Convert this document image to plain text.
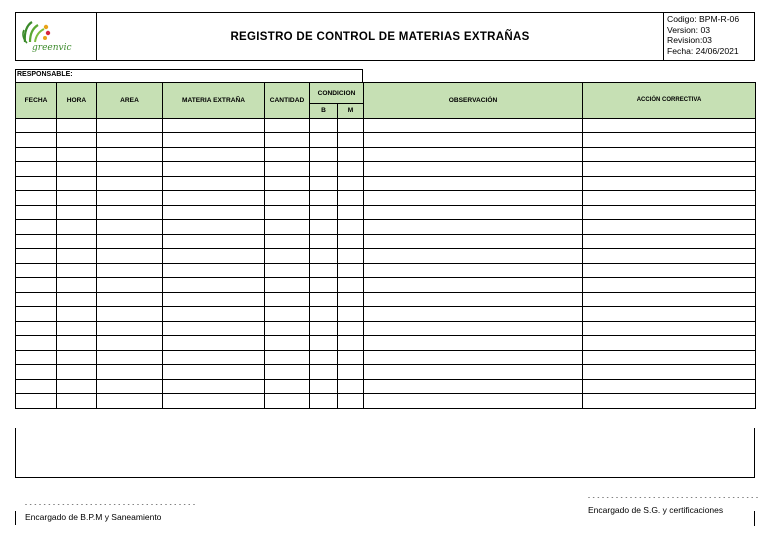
greenvic
REGISTRO DE CONTROL DE MATERIAS EXTRAÑAS
Codigo: BPM-R-06
Version: 03
Revision:03
Fecha: 24/06/2021
RESPONSABLE:
FECHA	HORA	AREA	MATERIA EXTRAÑA	CANTIDAD	CONDICION		OBSERVACIÓN	ACCIÓN CORRECTIVA
					B	M		

- - - - - - - - - - - - - - - - - - - - - - - - - - - - - - - - - - - - -
Encargado de B.P.M y Saneamiento
- - - - - - - - - - - - - - - - - - - - - - - - - - - - - - - - - - - - -
Encargado de S.G. y certificaciones
